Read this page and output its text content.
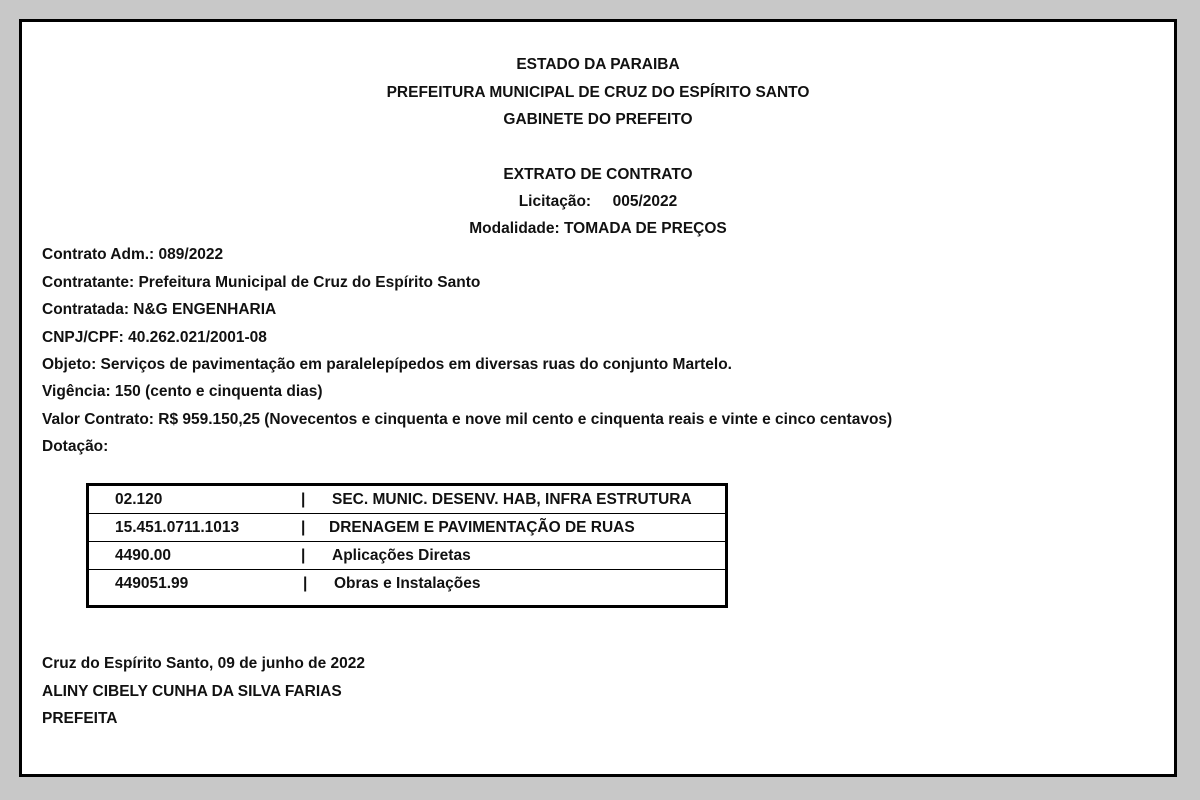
ESTADO DA PARAIBA
PREFEITURA MUNICIPAL DE CRUZ DO ESPÍRITO SANTO
GABINETE DO PREFEITO
EXTRATO DE CONTRATO
Licitação:     005/2022
Modalidade: TOMADA DE PREÇOS
Contrato Adm.: 089/2022
Contratante: Prefeitura Municipal de Cruz do Espírito Santo
Contratada: N&G ENGENHARIA
CNPJ/CPF: 40.262.021/2001-08
Objeto: Serviços de pavimentação em paralelepípedos em diversas ruas do conjunto Martelo.
Vigência: 150 (cento e cinquenta dias)
Valor Contrato: R$ 959.150,25 (Novecentos e cinquenta e nove mil cento e cinquenta reais e vinte e cinco centavos)
Dotação:
02.120	| SEC. MUNIC. DESENV. HAB, INFRA ESTRUTURA
15.451.0711.1013	| DRENAGEM E PAVIMENTAÇÃO DE RUAS
4490.00	| Aplicações Diretas
449051.99	| Obras e Instalações
Cruz do Espírito Santo, 09 de junho de 2022
ALINY CIBELY CUNHA DA SILVA FARIAS
PREFEITA
